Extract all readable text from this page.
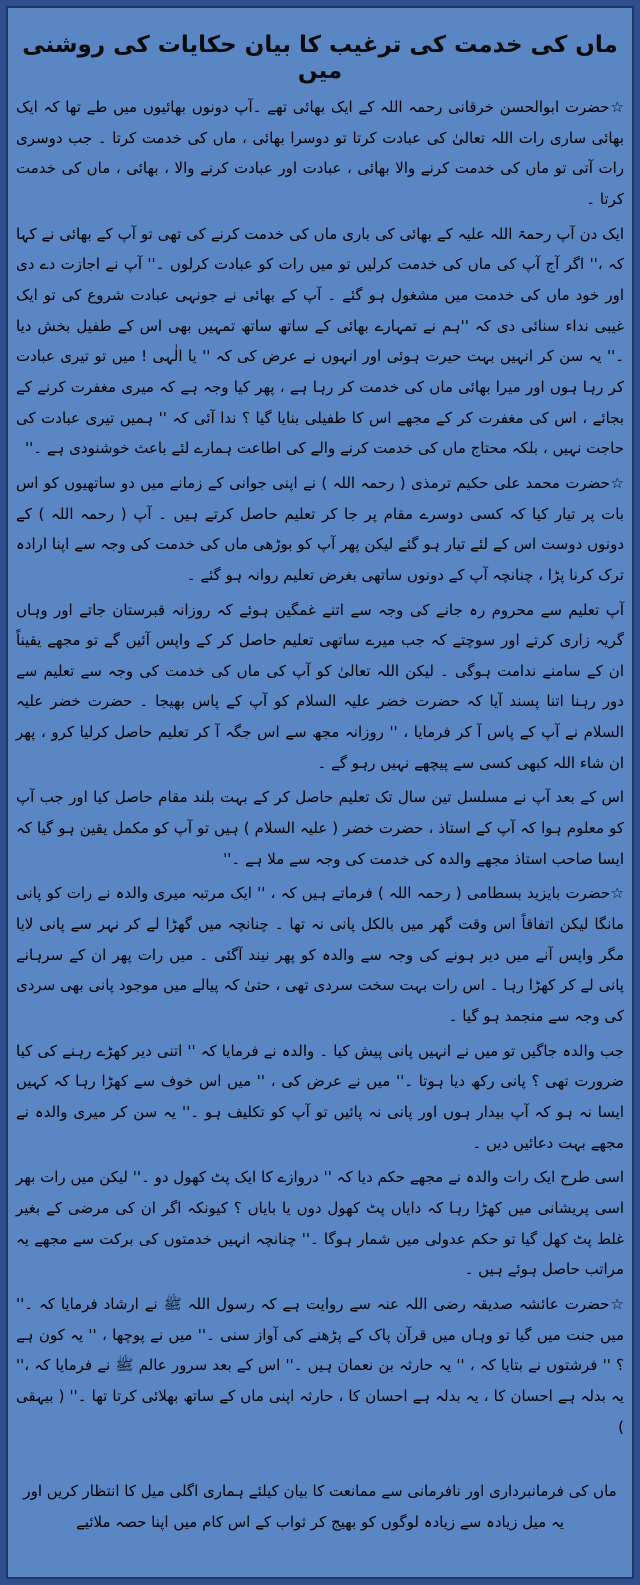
ماں کی خدمت کی ترغیب کا بیان حکایات کی روشنی میں

☆حضرت ابوالحسن خرقانی رحمہ اللہ کے ایک بھائی تھے ۔آپ دونوں بھائیوں میں طے تھا کہ ایک بھائی ساری رات اللہ تعالیٰ کی عبادت کرتا تو دوسرا بھائی ، ماں کی خدمت کرتا ۔ جب دوسری رات آتی تو ماں کی خدمت کرنے والا بھائی ، عبادت اور عبادت کرنے والا ، بھائی ، ماں کی خدمت کرتا ۔

ایک دن آپ رحمۃ اللہ علیہ کے بھائی کی باری ماں کی خدمت کرنے کی تھی تو آپ کے بھائی نے کہا کہ ،'' اگر آج آپ کی ماں کی خدمت کرلیں تو میں رات کو عبادت کرلوں ۔'' آپ نے اجازت دے دی اور خود ماں کی خدمت میں مشغول ہو گئے ۔ آپ کے بھائی نے جونہی عبادت شروع کی تو ایک غیبی نداء سنائی دی کہ ''ہم نے تمہارے بھائی کے ساتھ ساتھ تمہیں بھی اس کے طفیل بخش دیا ۔'' یہ سن کر انہیں بہت حیرت ہوئی اور انہوں نے عرض کی کہ '' یا الٰہی ! میں تو تیری عبادت کر رہا ہوں اور میرا بھائی ماں کی خدمت کر رہا ہے ، پھر کیا وجہ ہے کہ میری مغفرت کرنے کے بجائے ، اس کی مغفرت کر کے مجھے اس کا طفیلی بنایا گیا ؟ ندا آئی کہ '' ہمیں تیری عبادت کی حاجت نہیں ، بلکہ محتاج ماں کی خدمت کرنے والے کی اطاعت ہمارے لئے باعث خوشنودی ہے ۔''

☆حضرت محمد علی حکیم ترمذی ( رحمہ اللہ ) نے اپنی جوانی کے زمانے میں دو ساتھیوں کو اس بات پر تیار کیا کہ کسی دوسرے مقام پر جا کر تعلیم حاصل کرتے ہیں ۔ آپ ( رحمہ اللہ ) کے دونوں دوست اس کے لئے تیار ہو گئے لیکن پھر آپ کو بوڑھی ماں کی خدمت کی وجہ سے اپنا ارادہ ترک کرنا پڑا ، چنانچہ آپ کے دونوں ساتھی بغرض تعلیم روانہ ہو گئے ۔

آپ تعلیم سے محروم رہ جانے کی وجہ سے اتنے غمگین ہوئے کہ روزانہ قبرستان جاتے اور وہاں گریہ زاری کرتے اور سوچتے کہ جب میرے ساتھی تعلیم حاصل کر کے واپس آئیں گے تو مجھے یقیناً ان کے سامنے ندامت ہوگی ۔ لیکن اللہ تعالیٰ کو آپ کی ماں کی خدمت کی وجہ سے تعلیم سے دور رہنا اتنا پسند آیا کہ حضرت خضر علیہ السلام کو آپ کے پاس بھیجا ۔ حضرت خضر علیہ السلام نے آپ کے پاس آ کر فرمایا ، '' روزانہ مجھ سے اس جگہ آ کر تعلیم حاصل کرلیا کرو ، پھر ان شاء اللہ کبھی کسی سے پیچھے نہیں رہو گے ۔

اس کے بعد آپ نے مسلسل تین سال تک تعلیم حاصل کر کے بہت بلند مقام حاصل کیا اور جب آپ کو معلوم ہوا کہ آپ کے استاذ ، حضرت خضر ( علیہ السلام ) ہیں تو آپ کو مکمل یقین ہو گیا کہ ایسا صاحب استاذ مجھے والدہ کی خدمت کی وجہ سے ملا ہے ۔''

☆حضرت بایزید بسطامی ( رحمہ اللہ ) فرماتے ہیں کہ ، '' ایک مرتبہ میری والدہ نے رات کو پانی مانگا لیکن اتفاقاً اس وقت گھر میں بالکل پانی نہ تھا ۔ چنانچہ میں گھڑا لے کر نہر سے پانی لایا مگر واپس آنے میں دیر ہونے کی وجہ سے والدہ کو پھر نیند آگئی ۔ میں رات پھر ان کے سرہانے پانی لے کر کھڑا رہا ۔ اس رات بہت سخت سردی تھی ، حتیٰ کہ پیالے میں موجود پانی بھی سردی کی وجہ سے منجمد ہو گیا ۔

جب والدہ جاگیں تو میں نے انہیں پانی پیش کیا ۔ والدہ نے فرمایا کہ '' اتنی دیر کھڑے رہنے کی کیا ضرورت تھی ؟ پانی رکھ دیا ہوتا ۔'' میں نے عرض کی ، '' میں اس خوف سے کھڑا رہا کہ کہیں ایسا نہ ہو کہ آپ بیدار ہوں اور پانی نہ پائیں تو آپ کو تکلیف ہو ۔'' یہ سن کر میری والدہ نے مجھے بہت دعائیں دیں ۔

اسی طرح ایک رات والدہ نے مجھے حکم دیا کہ '' دروازے کا ایک پٹ کھول دو ۔'' لیکن میں رات بھر اسی پریشانی میں کھڑا رہا کہ دایاں پٹ کھول دوں یا بایاں ؟ کیونکہ اگر ان کی مرضی کے بغیر غلط پٹ کھل گیا تو حکم عدولی میں شمار ہوگا ۔'' چنانچہ انہیں خدمتوں کی برکت سے مجھے یہ مراتب حاصل ہوئے ہیں ۔

☆حضرت عائشہ صدیقہ رضی اللہ عنہ سے روایت ہے کہ رسول اللہ ﷺ نے ارشاد فرمایا کہ ۔'' میں جنت میں گیا تو وہاں میں قرآن پاک کے پڑھنے کی آواز سنی ۔'' میں نے پوچھا ، '' یہ کون ہے ؟ '' فرشتوں نے بتایا کہ ، '' یہ حارثہ بن نعمان ہیں ۔'' اس کے بعد سرور عالم ﷺ نے فرمایا کہ ،'' یہ بدلہ ہے احسان کا ، یہ بدلہ ہے احسان کا ، حارثہ اپنی ماں کے ساتھ بھلائی کرتا تھا ۔'' ( بیہقی )

ماں کی فرمانبرداری اور نافرمانی سے ممانعت کا بیان کیلئے ہماری اگلی میل کا انتظار کریں اور یہ میل زیادہ سے زیادہ لوگوں کو بھیج کر ثواب کے اس کام میں اپنا حصہ ملائیے
